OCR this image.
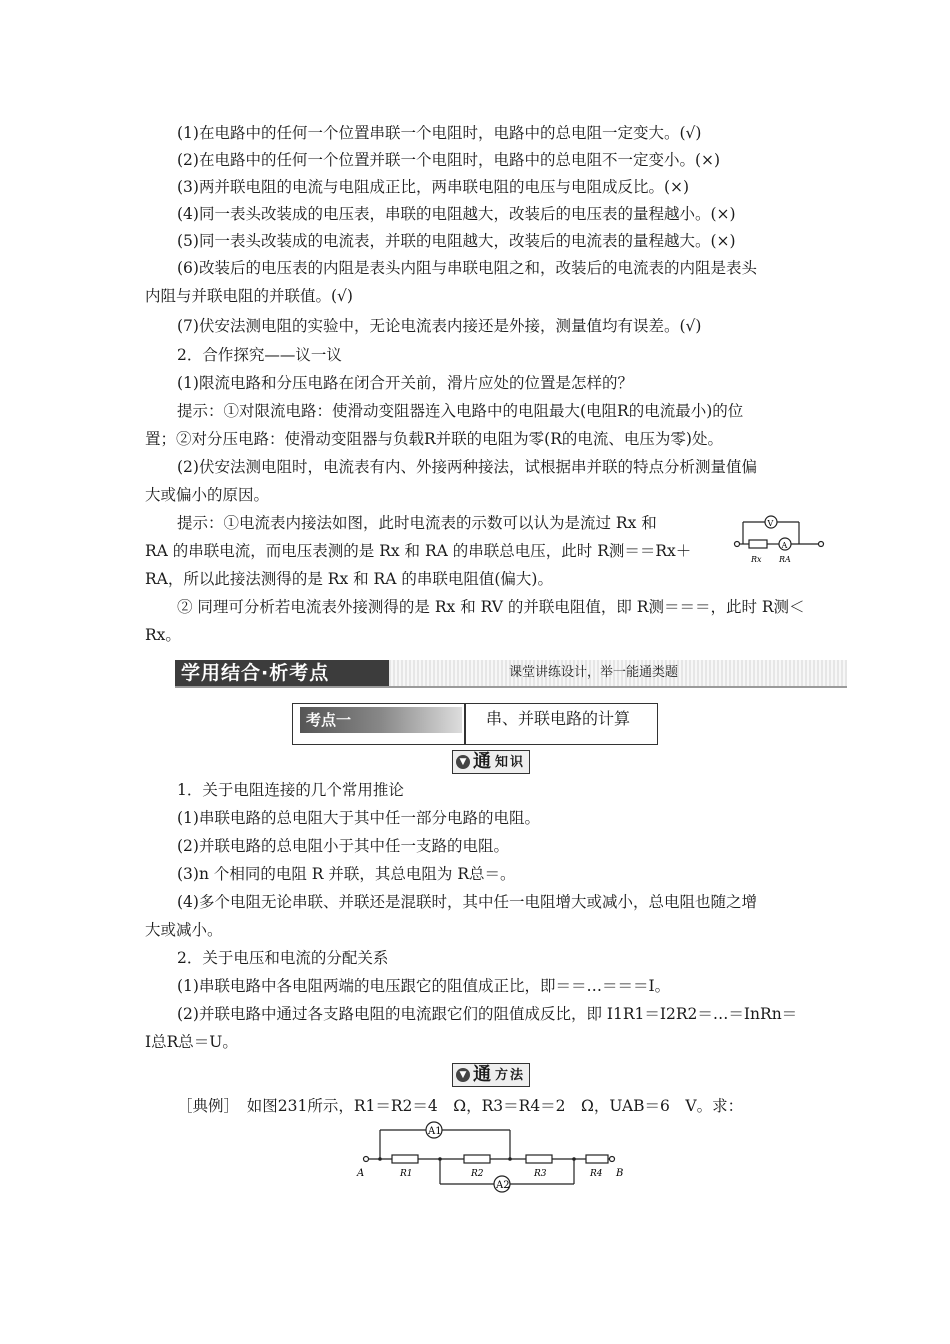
(1)在电路中的任何一个位置串联一个电阻时，电路中的总电阻一定变大。(√)
(2)在电路中的任何一个位置并联一个电阻时，电路中的总电阻不一定变小。(×)
(3)两并联电阻的电流与电阻成正比，两串联电阻的电压与电阻成反比。(×)
(4)同一表头改装成的电压表，串联的电阻越大，改装后的电压表的量程越小。(×)
(5)同一表头改装成的电流表，并联的电阻越大，改装后的电流表的量程越大。(×)
(6)改装后的电压表的内阻是表头内阻与串联电阻之和，改装后的电流表的内阻是表头
内阻与并联电阻的并联值。(√)
(7)伏安法测电阻的实验中，无论电流表内接还是外接，测量值均有误差。(√)
2．合作探究——议一议
(1)限流电路和分压电路在闭合开关前，滑片应处的位置是怎样的？
提示：①对限流电路：使滑动变阻器连入电路中的电阻最大(电阻R的电流最小)的位
置；②对分压电路：使滑动变阻器与负载R并联的电阻为零(R的电流、电压为零)处。
(2)伏安法测电阻时，电流表有内、外接两种接法，试根据串并联的特点分析测量值偏
大或偏小的原因。
提示：①电流表内接法如图，此时电流表的示数可以认为是流过 Rx 和
RA 的串联电流，而电压表测的是 Rx 和 RA 的串联总电压，此时 R测＝＝Rx＋
RA，所以此接法测得的是 Rx 和 RA 的串联电阻值(偏大)。
② 同理可分析若电流表外接测得的是 Rx 和 RV 的并联电阻值，即 R测＝＝＝，此时 R测＜
Rx。
V
A
Rx RA
学用结合·析考点	课堂讲练设计，举一能通类题
考点一	串、并联电路的计算
▼ 通 知识
1．关于电阻连接的几个常用推论
(1)串联电路的总电阻大于其中任一部分电路的电阻。
(2)并联电路的总电阻小于其中任一支路的电阻。
(3)n 个相同的电阻 R 并联，其总电阻为 R总＝。
(4)多个电阻无论串联、并联还是混联时，其中任一电阻增大或减小，总电阻也随之增
大或减小。
2．关于电压和电流的分配关系
(1)串联电路中各电阻两端的电压跟它的阻值成正比，即＝＝…＝＝＝I。
(2)并联电路中通过各支路电阻的电流跟它们的阻值成反比，即 I1R1＝I2R2＝…＝InRn＝
I总R总＝U。
▼ 通 方法
［典例］　如图231所示，R1＝R2＝4　Ω，R3＝R4＝2　Ω，UAB＝6　V。求：
A1
A2
A	B
R1	R2	R3	R4
